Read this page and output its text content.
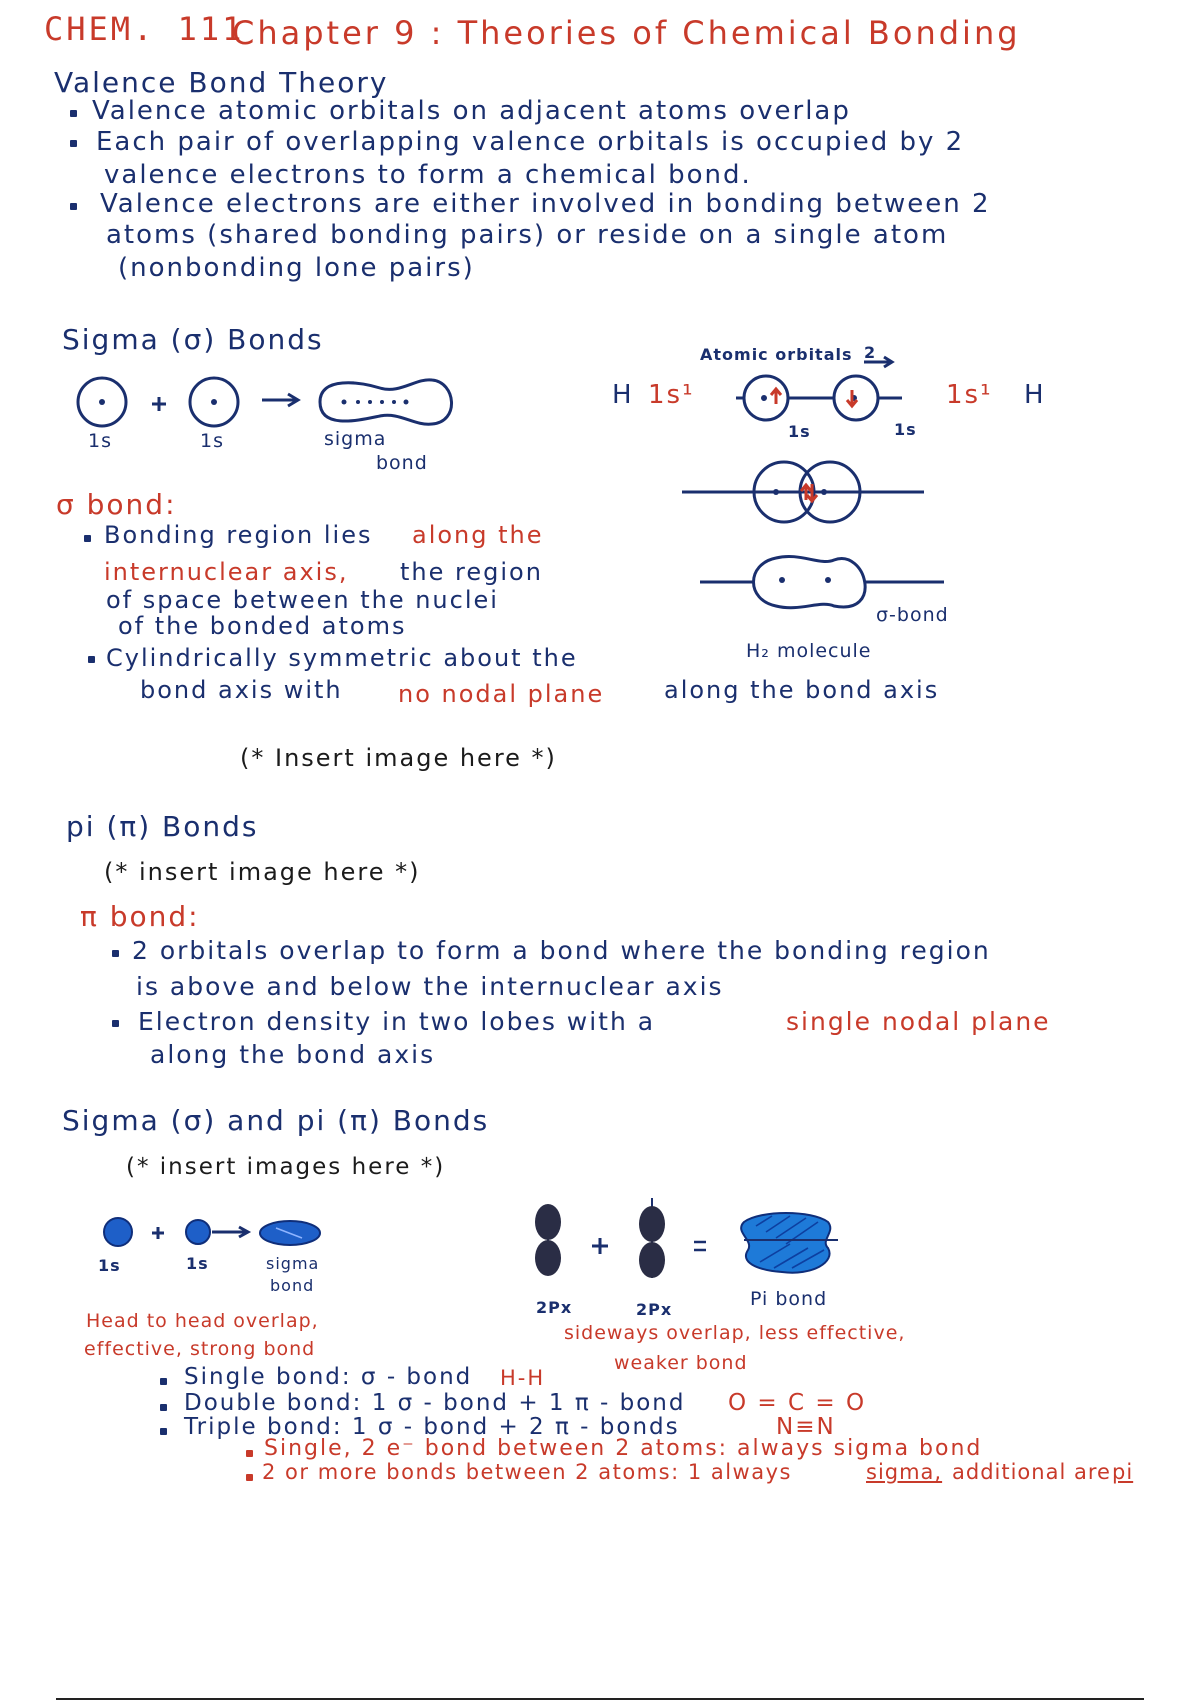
CHEM. 111
Chapter 9 : Theories of Chemical Bonding
Valence Bond Theory
Valence atomic orbitals on adjacent atoms overlap
Each pair of overlapping valence orbitals is occupied by 2
valence electrons to form a chemical bond.
Valence electrons are either involved in bonding between 2
atoms (shared bonding pairs) or reside on a single atom
(nonbonding lone pairs)
Sigma (σ) Bonds
1s	1s	sigma
bond
Atomic orbitals 2
H 1s¹	1s¹ H
1s	1s
σ-bond
H₂ molecule
σ bond:
Bonding region lies along the
internuclear axis, the region
of space between the nuclei
of the bonded atoms
Cylindrically symmetric about the
bond axis with no nodal plane along the bond axis
(* Insert image here *)
pi (π) Bonds
(* insert image here *)
π bond:
2 orbitals overlap to form a bond where the bonding region
is above and below the internuclear axis
Electron density in two lobes with a	single nodal plane
along the bond axis
Sigma (σ) and pi (π) Bonds
(* insert images here *)
1s	1s	sigma
bond
2Px	2Px	Pi bond
Head to head overlap,
effective, strong bond
sideways overlap, less effective,
weaker bond
Single bond: σ - bond H-H
Double bond: 1 σ - bond + 1 π - bond O = C = O
Triple bond: 1 σ - bond + 2 π - bonds	N≡N
Single, 2 e⁻ bond between 2 atoms: always sigma bond
2 or more bonds between 2 atoms: 1 always	sigma, additional are pi
